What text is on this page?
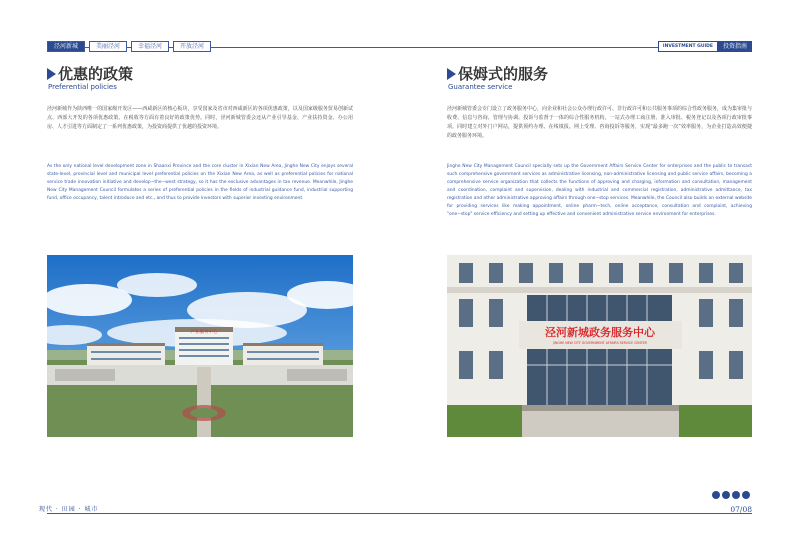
泾河新城	美丽泾河	幸福泾河	开放泾河	INVESTMENT GUIDE	投资指南
优惠的政策
Preferential policies
泾河新城作为陕西唯一的国家级开发区——西咸新区的核心板块，享受国家及省市对西咸新区的各项优惠政策，以及国家级服务贸易创新试点、西部大开发的各项优惠政策。在税收等方面有着良好的政策优势。同时，泾河新城管委会还从产业引导基金、产业扶持资金、办公用房、人才引进等方面制定了一系列优惠政策，为投资商提供了优越的投资环境。
As the only national level development zone in Shaanxi Province and the core cluster in Xixian New Area, Jinghe New City enjoys several state-level, provincial level and municipal level preferential policies on the Xixian New Area, as well as preferential policies for national service trade innovation initiative and develop−the−west strategy, so it has the exclusive advantages in tax revenue. Meanwhile, Jinghe New City Management Council formulates a series of preferential policies in the fields of industrial guidance fund, industrial supporting fund, office occupancy, talent introduce and etc., and thus to provide investors with superior investing environment.
产业服务中心
保姆式的服务
Guarantee service
泾河新城管委会专门设立了政务服务中心，向企业和社会公众办理行政许可、非行政许可和公共服务事项的综合性政务服务，成为集审批与收费、信息与咨询、管理与协调、投诉与监督于一体的综合性服务机构，一站式办理工商注册、准入审批、税务登记以及各项行政审批事项。同时建立对外门户网站，提供预约办理、在线填报、网上受理、咨询投诉等服务，实现“最多跑一次”效率服务，为企业打造高效便捷的政务服务环境。
Jinghe New City Management Council specially sets up the Government Affairs Service Center for enterprises and the public to transact such comprehensive government services as administrative licensing, non-administrative licensing and public service affairs, becoming a comprehensive service organization that collects the functions of approving and charging, information and consultation, management and coordination, complaint and supervision, dealing with industrial and commercial registration, administrative admittance, tax registration and other administrative approving affairs through one−stop services. Meanwhile, the Council also builds an external website for providing services like making appointment, online pharm−tech, online acceptance, consultation and complaint, achieving "one−stop" service efficiency and setting up effective and convenient administrative service environment for enterprises.
泾河新城政务服务中心
JINGHE NEW CITY GOVERNMENT AFFAIRS SERVICE CENTER
现代 · 田园 · 城市	07/08
